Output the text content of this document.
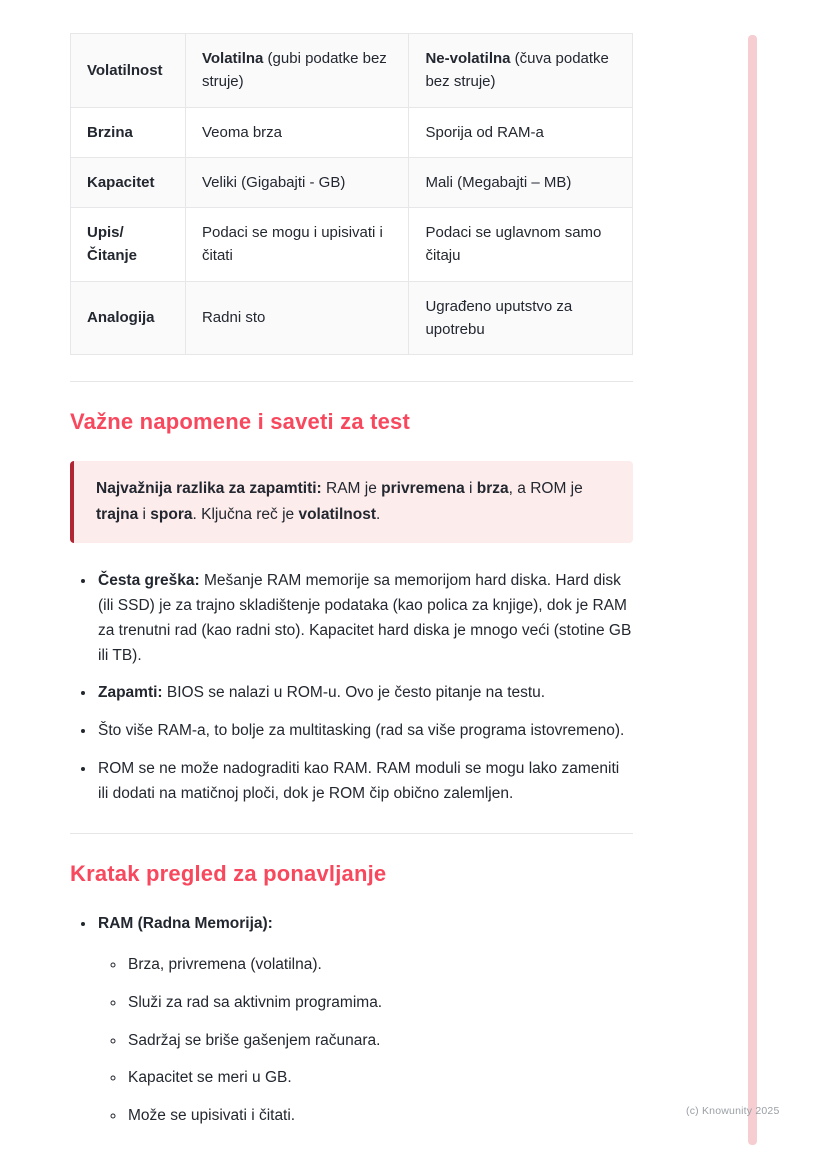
Volatilnost	Volatilna (gubi podatke bez struje)	Ne-volatilna (čuva podatke bez struje)
Brzina	Veoma brza	Sporija od RAM-a
Kapacitet	Veliki (Gigabajti - GB)	Mali (Megabajti – MB)
Upis/ Čitanje	Podaci se mogu i upisivati i čitati	Podaci se uglavnom samo čitaju
Analogija	Radni sto	Ugrađeno uputstvo za upotrebu
Važne napomene i saveti za test

Najvažnija razlika za zapamtiti: RAM je privremena i brza, a ROM je trajna i spora. Ključna reč je volatilnost.

• Česta greška: Mešanje RAM memorije sa memorijom hard diska. Hard disk (ili SSD) je za trajno skladištenje podataka (kao polica za knjige), dok je RAM za trenutni rad (kao radni sto). Kapacitet hard diska je mnogo veći (stotine GB ili TB).
• Zapamti: BIOS se nalazi u ROM-u. Ovo je često pitanje na testu.
• Što više RAM-a, to bolje za multitasking (rad sa više programa istovremeno).
• ROM se ne može nadograditi kao RAM. RAM moduli se mogu lako zameniti ili dodati na matičnoj ploči, dok je ROM čip obično zalemljen.
Kratak pregled za ponavljanje
• RAM (Radna Memorija):
◦ Brza, privremena (volatilna).
◦ Služi za rad sa aktivnim programima.
◦ Sadržaj se briše gašenjem računara.
◦ Kapacitet se meri u GB.
◦ Može se upisivati i čitati.	(c) Knowunity 2025
